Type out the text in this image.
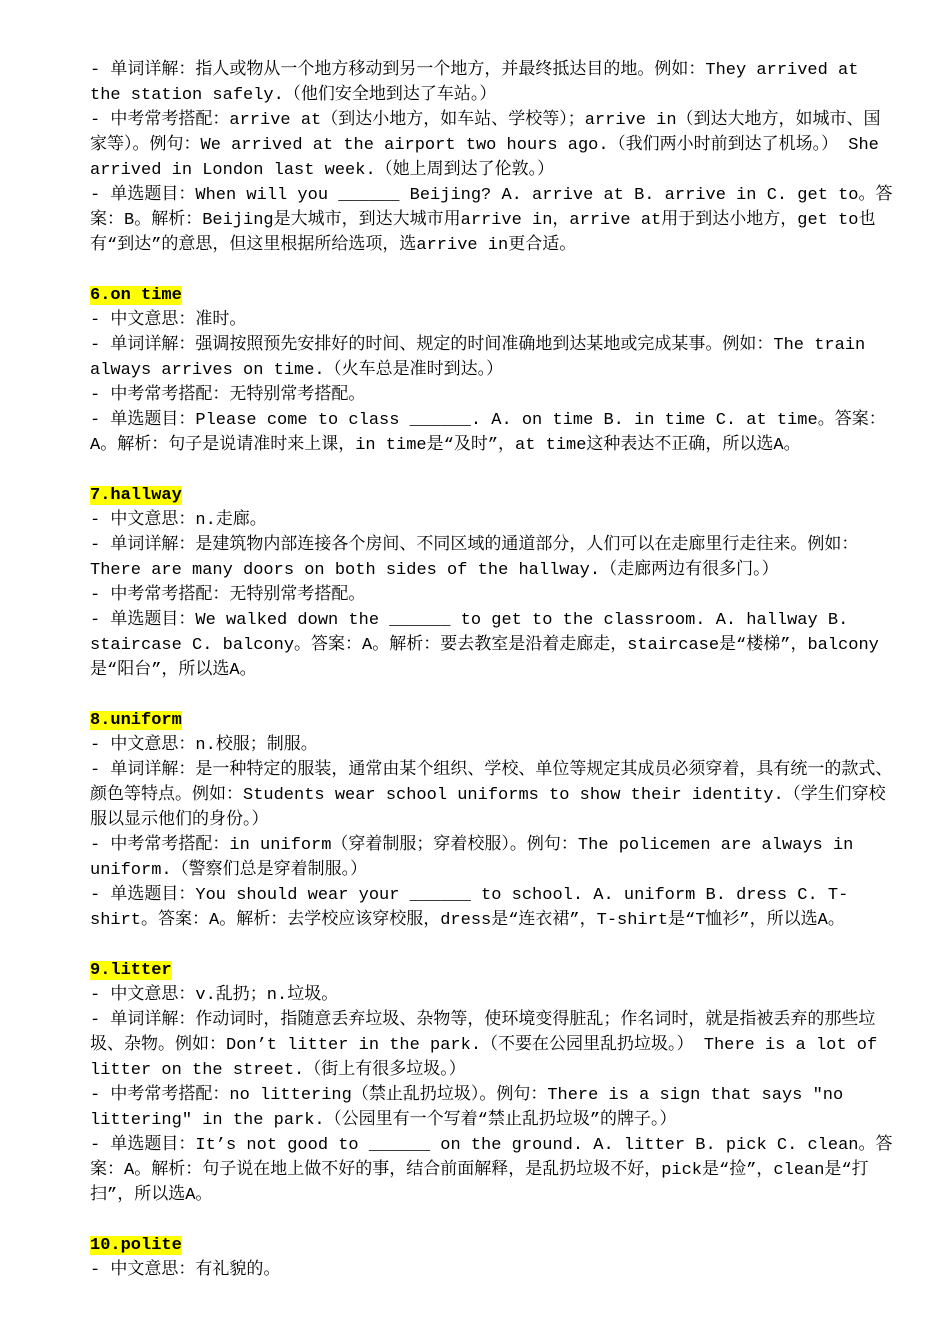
- 单词详解：指人或物从一个地方移动到另一个地方，并最终抵达目的地。例如：They arrived at the station safely.（他们安全地到达了车站。）

- 中考常考搭配：arrive at（到达小地方，如车站、学校等）；arrive in（到达大地方，如城市、国家等）。例句：We arrived at the airport two hours ago.（我们两小时前到达了机场。） She arrived in London last week.（她上周到达了伦敦。）

- 单选题目：When will you ______ Beijing? A. arrive at B. arrive in C. get to。答案：B。解析：Beijing是大城市，到达大城市用arrive in，arrive at用于到达小地方，get to也有“到达”的意思，但这里根据所给选项，选arrive in更合适。

6.on time

- 中文意思：准时。

- 单词详解：强调按照预先安排好的时间、规定的时间准确地到达某地或完成某事。例如：The train always arrives on time.（火车总是准时到达。）

- 中考常考搭配：无特别常考搭配。

- 单选题目：Please come to class ______. A. on time B. in time C. at time。答案：A。解析：句子是说请准时来上课，in time是“及时”，at time这种表达不正确，所以选A。

7.hallway

- 中文意思：n.走廊。

- 单词详解：是建筑物内部连接各个房间、不同区域的通道部分，人们可以在走廊里行走往来。例如：There are many doors on both sides of the hallway.（走廊两边有很多门。）

- 中考常考搭配：无特别常考搭配。

- 单选题目：We walked down the ______ to get to the classroom. A. hallway B. staircase C. balcony。答案：A。解析：要去教室是沿着走廊走，staircase是“楼梯”，balcony是“阳台”，所以选A。

8.uniform

- 中文意思：n.校服；制服。

- 单词详解：是一种特定的服装，通常由某个组织、学校、单位等规定其成员必须穿着，具有统一的款式、颜色等特点。例如：Students wear school uniforms to show their identity.（学生们穿校服以显示他们的身份。）

- 中考常考搭配：in uniform（穿着制服；穿着校服）。例句：The policemen are always in uniform.（警察们总是穿着制服。）

- 单选题目：You should wear your ______ to school. A. uniform B. dress C. T-shirt。答案：A。解析：去学校应该穿校服，dress是“连衣裙”，T-shirt是“T恤衫”，所以选A。

9.litter

- 中文意思：v.乱扔；n.垃圾。

- 单词详解：作动词时，指随意丢弃垃圾、杂物等，使环境变得脏乱；作名词时，就是指被丢弃的那些垃圾、杂物。例如：Don’t litter in the park.（不要在公园里乱扔垃圾。） There is a lot of litter on the street.（街上有很多垃圾。）

- 中考常考搭配：no littering（禁止乱扔垃圾）。例句：There is a sign that says "no littering" in the park.（公园里有一个写着“禁止乱扔垃圾”的牌子。）

- 单选题目：It’s not good to ______ on the ground. A. litter B. pick C. clean。答案：A。解析：句子说在地上做不好的事，结合前面解释，是乱扔垃圾不好，pick是“捡”，clean是“打扫”，所以选A。

10.polite

- 中文意思：有礼貌的。
